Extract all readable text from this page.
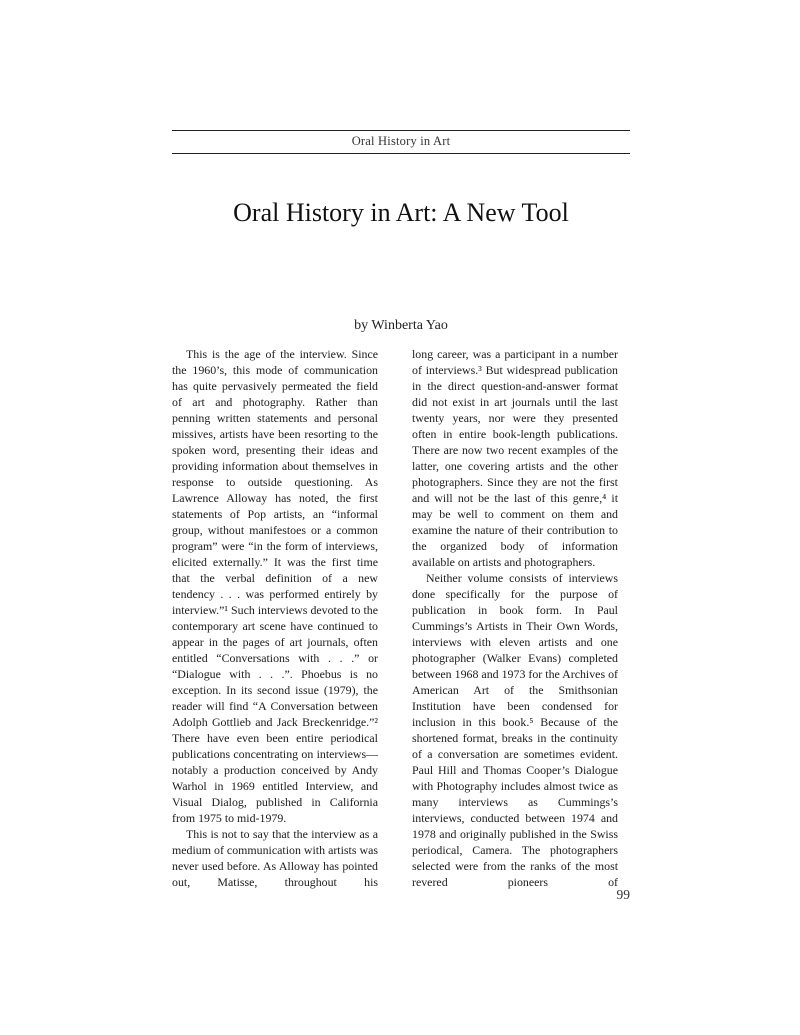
Oral History in Art
Oral History in Art: A New Tool
by Winberta Yao

This is the age of the interview. Since the 1960’s, this mode of communication has quite pervasively permeated the field of art and photography. Rather than penning written statements and personal missives, artists have been resorting to the spoken word, presenting their ideas and providing information about themselves in response to outside questioning. As Lawrence Alloway has noted, the first statements of Pop artists, an “informal group, without manifestoes or a common program” were “in the form of interviews, elicited externally.” It was the first time that the verbal definition of a new tendency . . . was performed entirely by interview.”¹ Such interviews devoted to the contemporary art scene have continued to appear in the pages of art journals, often entitled “Conversations with . . .” or “Dialogue with . . .”. Phoebus is no exception. In its second issue (1979), the reader will find “A Conversation between Adolph Gottlieb and Jack Breckenridge.”² There have even been entire periodical publications concentrating on interviews—notably a production conceived by Andy Warhol in 1969 entitled Interview, and Visual Dialog, published in California from 1975 to mid-1979.

This is not to say that the interview as a medium of communication with artists was never used before. As Alloway has pointed out, Matisse, throughout his

long career, was a participant in a number of interviews.³ But widespread publication in the direct question-and-answer format did not exist in art journals until the last twenty years, nor were they presented often in entire book-length publications. There are now two recent examples of the latter, one covering artists and the other photographers. Since they are not the first and will not be the last of this genre,⁴ it may be well to comment on them and examine the nature of their contribution to the organized body of information available on artists and photographers.

Neither volume consists of interviews done specifically for the purpose of publication in book form. In Paul Cummings’s Artists in Their Own Words, interviews with eleven artists and one photographer (Walker Evans) completed between 1968 and 1973 for the Archives of American Art of the Smithsonian Institution have been condensed for inclusion in this book.⁵ Because of the shortened format, breaks in the continuity of a conversation are sometimes evident. Paul Hill and Thomas Cooper’s Dialogue with Photography includes almost twice as many interviews as Cummings’s interviews, conducted between 1974 and 1978 and originally published in the Swiss periodical, Camera. The photographers selected were from the ranks of the most revered pioneers of

99
